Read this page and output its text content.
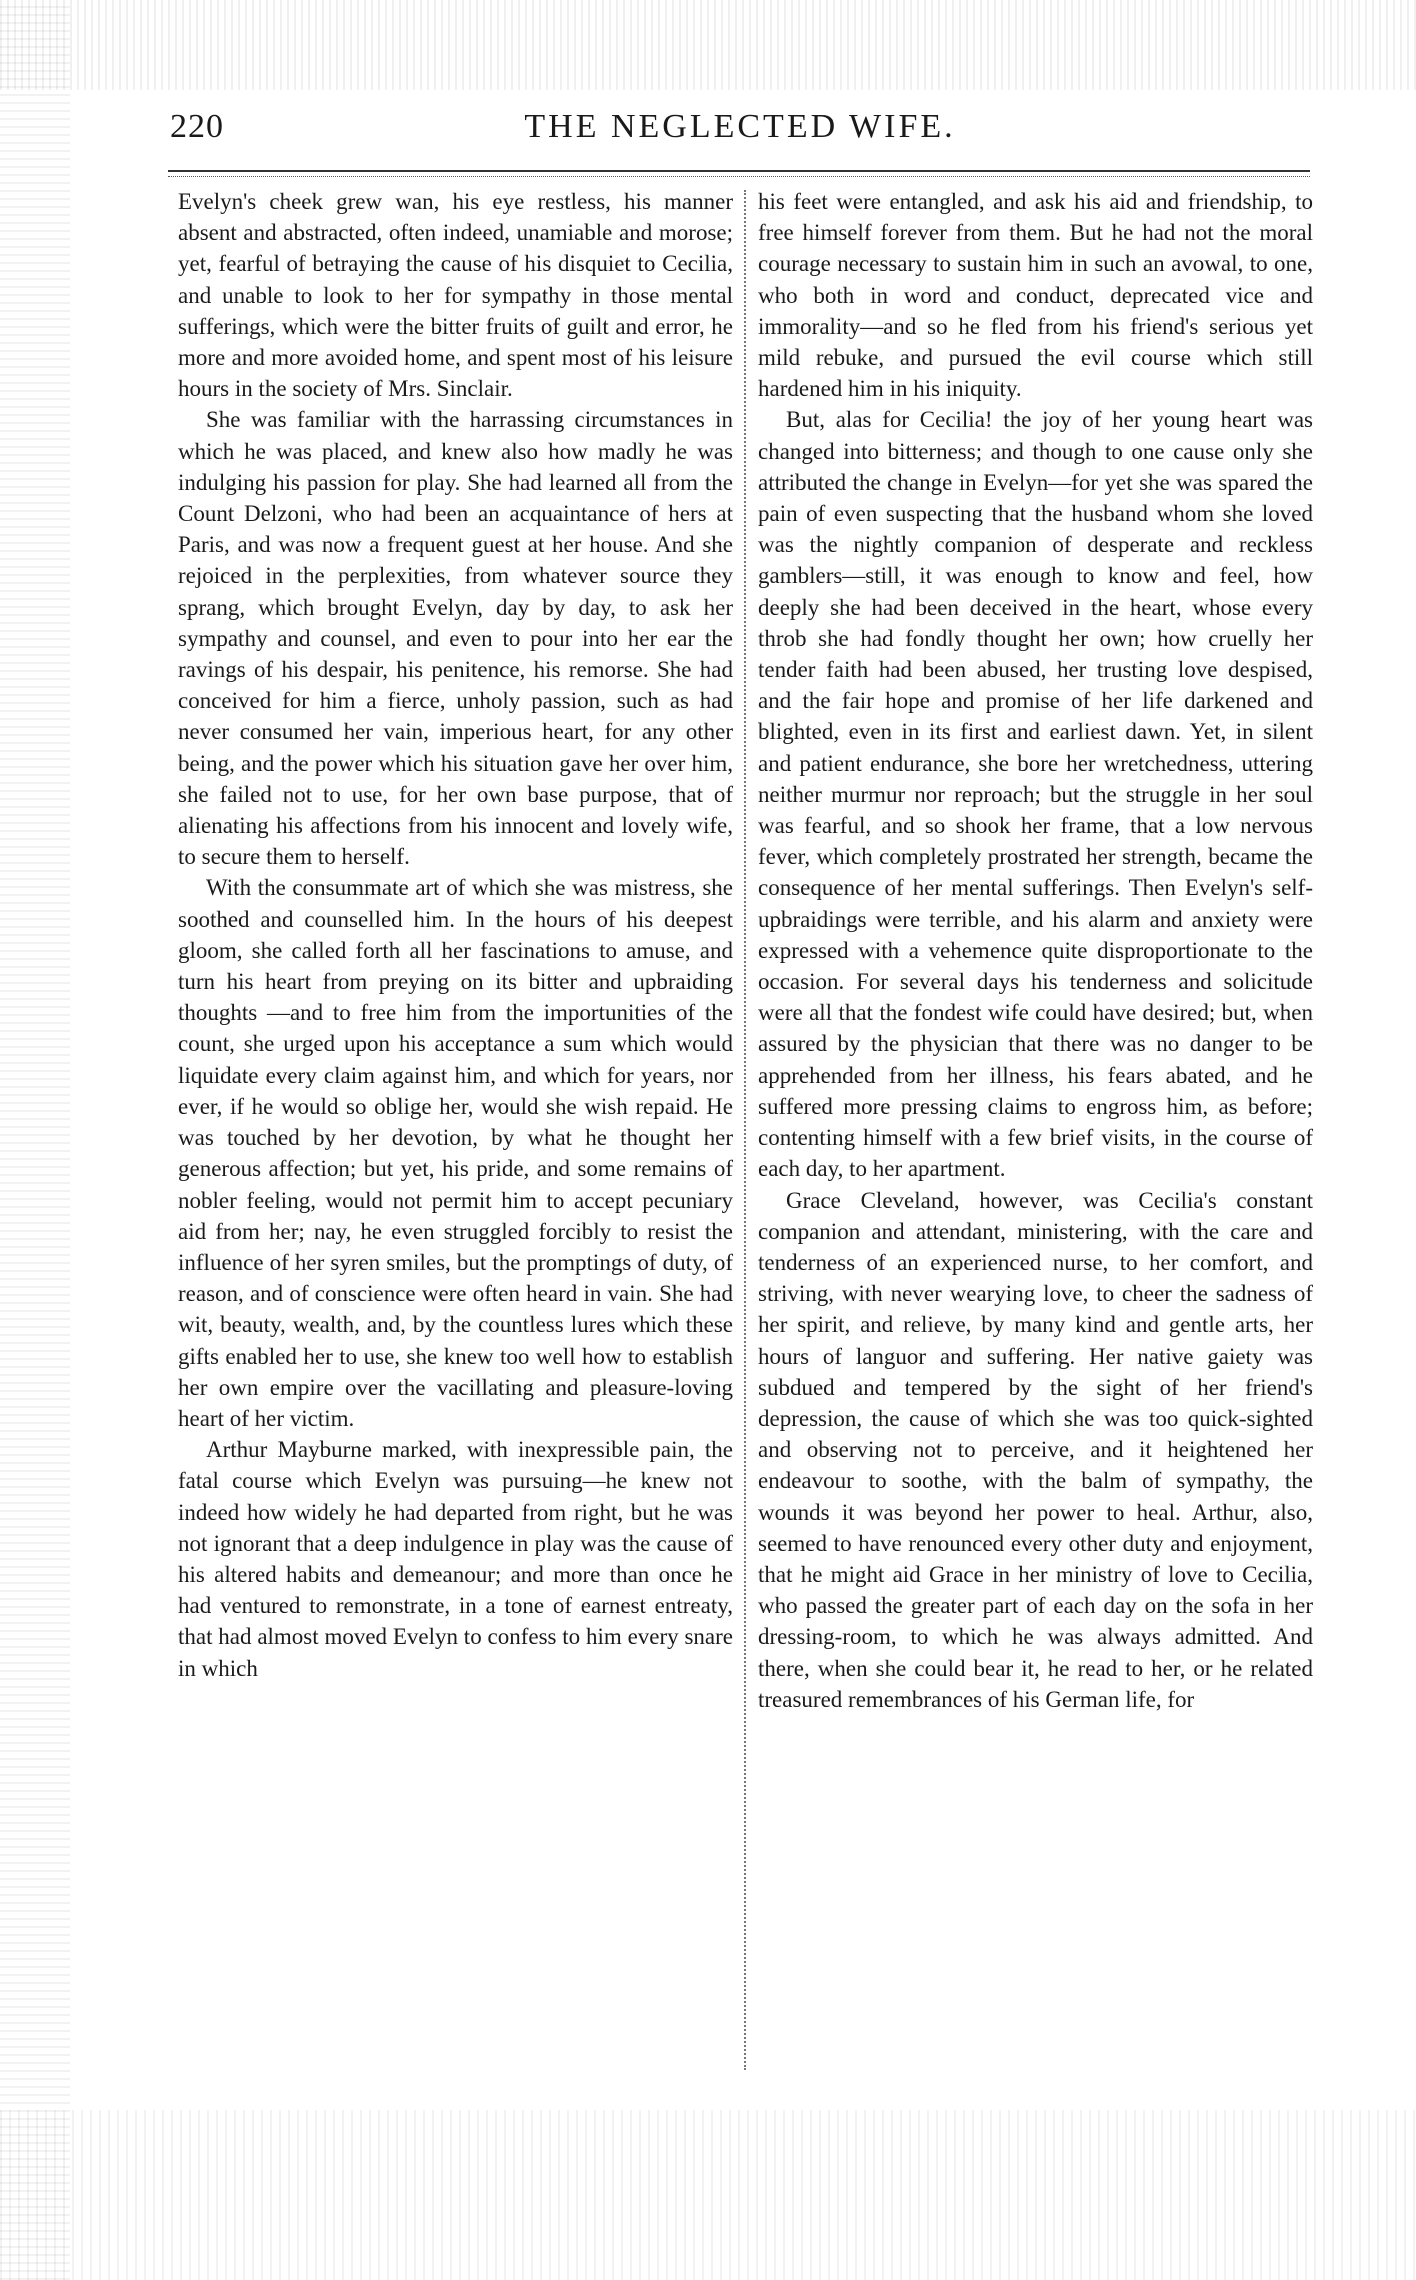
220	THE NEGLECTED WIFE.

Evelyn's cheek grew wan, his eye restless, his manner absent and abstracted, often indeed, unamiable and morose; yet, fearful of betraying the cause of his disquiet to Cecilia, and unable to look to her for sympathy in those mental sufferings, which were the bitter fruits of guilt and error, he more and more avoided home, and spent most of his leisure hours in the society of Mrs. Sinclair.

She was familiar with the harrassing circumstances in which he was placed, and knew also how madly he was indulging his passion for play. She had learned all from the Count Delzoni, who had been an acquaintance of hers at Paris, and was now a frequent guest at her house. And she rejoiced in the perplexities, from whatever source they sprang, which brought Evelyn, day by day, to ask her sympathy and counsel, and even to pour into her ear the ravings of his despair, his penitence, his remorse. She had conceived for him a fierce, unholy passion, such as had never consumed her vain, imperious heart, for any other being, and the power which his situation gave her over him, she failed not to use, for her own base purpose, that of alienating his affections from his innocent and lovely wife, to secure them to herself.

With the consummate art of which she was mistress, she soothed and counselled him. In the hours of his deepest gloom, she called forth all her fascinations to amuse, and turn his heart from preying on its bitter and upbraiding thoughts —and to free him from the importunities of the count, she urged upon his acceptance a sum which would liquidate every claim against him, and which for years, nor ever, if he would so oblige her, would she wish repaid. He was touched by her devotion, by what he thought her generous affection; but yet, his pride, and some remains of nobler feeling, would not permit him to accept pecuniary aid from her; nay, he even struggled forcibly to resist the influence of her syren smiles, but the promptings of duty, of reason, and of conscience were often heard in vain. She had wit, beauty, wealth, and, by the countless lures which these gifts enabled her to use, she knew too well how to establish her own empire over the vacillating and pleasure-loving heart of her victim.

Arthur Mayburne marked, with inexpressible pain, the fatal course which Evelyn was pursuing—he knew not indeed how widely he had departed from right, but he was not ignorant that a deep indulgence in play was the cause of his altered habits and demeanour; and more than once he had ventured to remonstrate, in a tone of earnest entreaty, that had almost moved Evelyn to confess to him every snare in which

his feet were entangled, and ask his aid and friendship, to free himself forever from them. But he had not the moral courage necessary to sustain him in such an avowal, to one, who both in word and conduct, deprecated vice and immorality—and so he fled from his friend's serious yet mild rebuke, and pursued the evil course which still hardened him in his iniquity.

But, alas for Cecilia! the joy of her young heart was changed into bitterness; and though to one cause only she attributed the change in Evelyn—for yet she was spared the pain of even suspecting that the husband whom she loved was the nightly companion of desperate and reckless gamblers—still, it was enough to know and feel, how deeply she had been deceived in the heart, whose every throb she had fondly thought her own; how cruelly her tender faith had been abused, her trusting love despised, and the fair hope and promise of her life darkened and blighted, even in its first and earliest dawn. Yet, in silent and patient endurance, she bore her wretchedness, uttering neither murmur nor reproach; but the struggle in her soul was fearful, and so shook her frame, that a low nervous fever, which completely prostrated her strength, became the consequence of her mental sufferings. Then Evelyn's self-upbraidings were terrible, and his alarm and anxiety were expressed with a vehemence quite disproportionate to the occasion. For several days his tenderness and solicitude were all that the fondest wife could have desired; but, when assured by the physician that there was no danger to be apprehended from her illness, his fears abated, and he suffered more pressing claims to engross him, as before; contenting himself with a few brief visits, in the course of each day, to her apartment.

Grace Cleveland, however, was Cecilia's constant companion and attendant, ministering, with the care and tenderness of an experienced nurse, to her comfort, and striving, with never wearying love, to cheer the sadness of her spirit, and relieve, by many kind and gentle arts, her hours of languor and suffering. Her native gaiety was subdued and tempered by the sight of her friend's depression, the cause of which she was too quick-sighted and observing not to perceive, and it heightened her endeavour to soothe, with the balm of sympathy, the wounds it was beyond her power to heal. Arthur, also, seemed to have renounced every other duty and enjoyment, that he might aid Grace in her ministry of love to Cecilia, who passed the greater part of each day on the sofa in her dressing-room, to which he was always admitted. And there, when she could bear it, he read to her, or he related treasured remembrances of his German life, for
